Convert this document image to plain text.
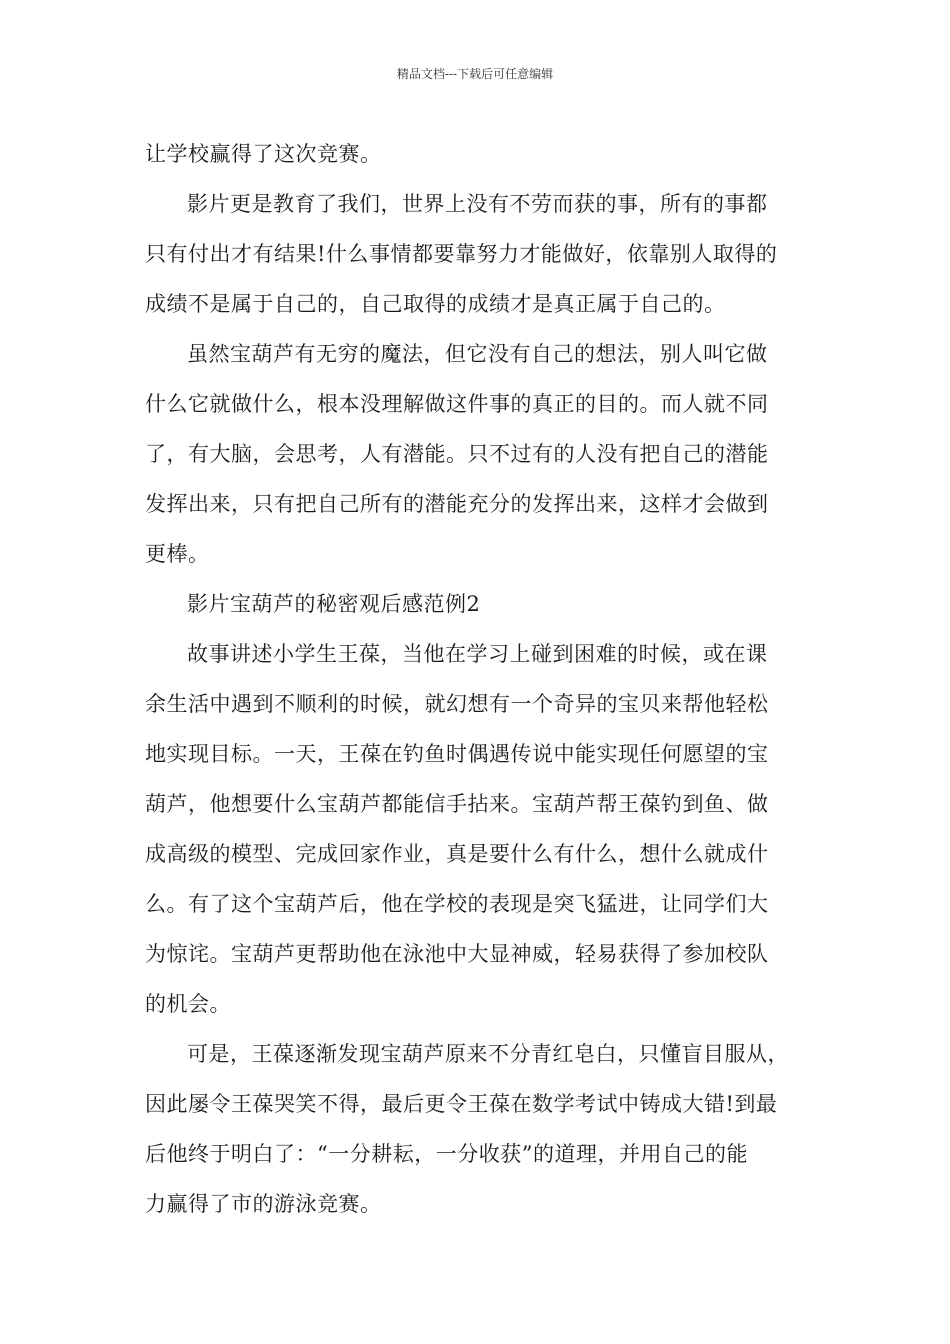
精品文档---下载后可任意编辑

让学校赢得了这次竞赛。

影片更是教育了我们，世界上没有不劳而获的事，所有的事都
只有付出才有结果!什么事情都要靠努力才能做好，依靠别人取得的
成绩不是属于自己的，自己取得的成绩才是真正属于自己的。

虽然宝葫芦有无穷的魔法，但它没有自己的想法，别人叫它做
什么它就做什么，根本没理解做这件事的真正的目的。而人就不同
了，有大脑，会思考，人有潜能。只不过有的人没有把自己的潜能
发挥出来，只有把自己所有的潜能充分的发挥出来，这样才会做到
更棒。

影片宝葫芦的秘密观后感范例2

故事讲述小学生王葆，当他在学习上碰到困难的时候，或在课
余生活中遇到不顺利的时候，就幻想有一个奇异的宝贝来帮他轻松
地实现目标。一天，王葆在钓鱼时偶遇传说中能实现任何愿望的宝
葫芦，他想要什么宝葫芦都能信手拈来。宝葫芦帮王葆钓到鱼、做
成高级的模型、完成回家作业，真是要什么有什么，想什么就成什
么。有了这个宝葫芦后，他在学校的表现是突飞猛进，让同学们大
为惊诧。宝葫芦更帮助他在泳池中大显神威，轻易获得了参加校队
的机会。

可是，王葆逐渐发现宝葫芦原来不分青红皂白，只懂盲目服从，
因此屡令王葆哭笑不得，最后更令王葆在数学考试中铸成大错!到最
后他终于明白了：“一分耕耘，一分收获”的道理，并用自己的能
力赢得了市的游泳竞赛。
